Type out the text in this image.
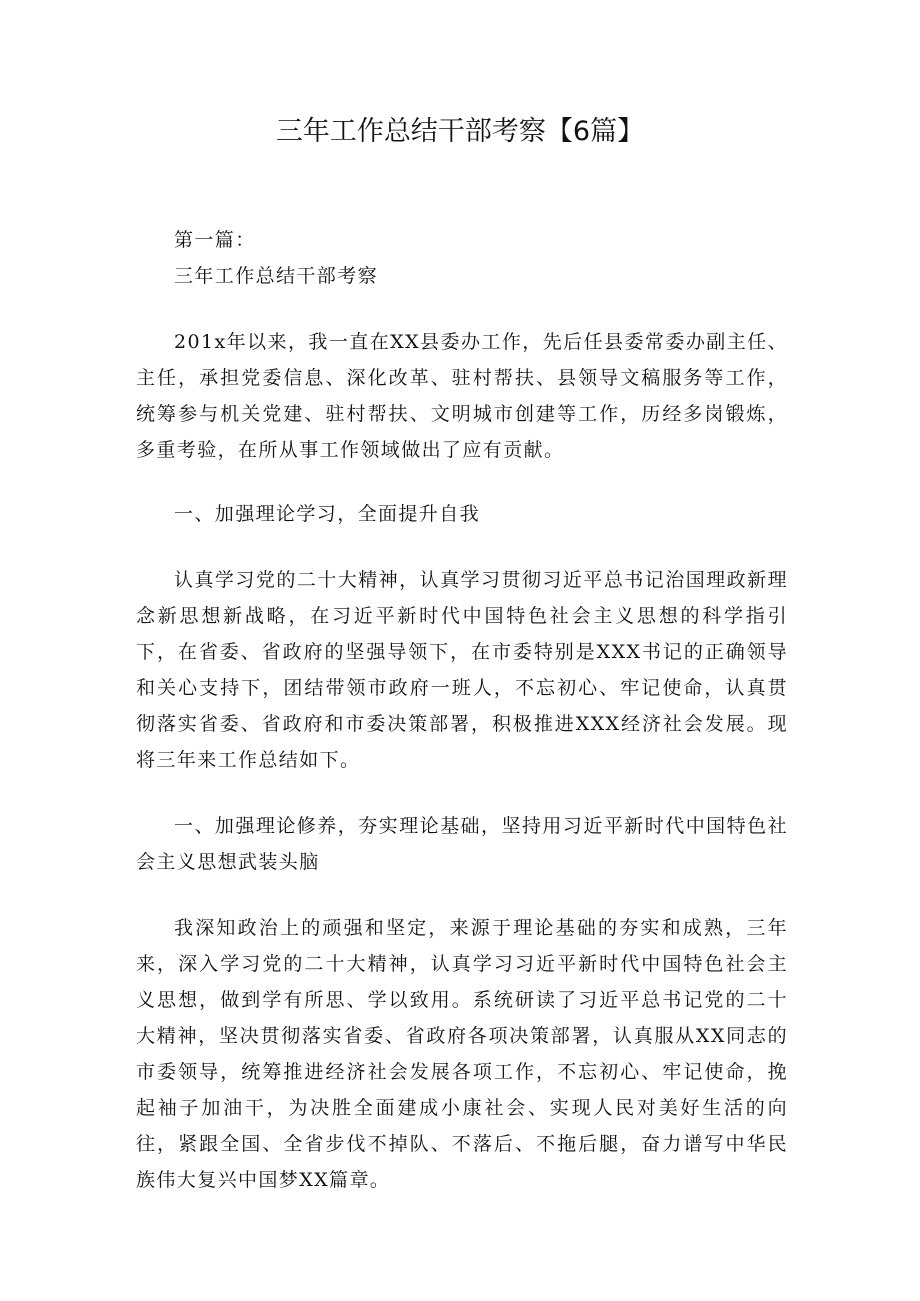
三年工作总结干部考察【6篇】

第一篇：

三年工作总结干部考察

201x年以来，我一直在XX县委办工作，先后任县委常委办副主任、主任，承担党委信息、深化改革、驻村帮扶、县领导文稿服务等工作，统筹参与机关党建、驻村帮扶、文明城市创建等工作，历经多岗锻炼，多重考验，在所从事工作领域做出了应有贡献。

一、加强理论学习，全面提升自我

认真学习党的二十大精神，认真学习贯彻习近平总书记治国理政新理念新思想新战略，在习近平新时代中国特色社会主义思想的科学指引下，在省委、省政府的坚强导领下，在市委特别是XXX书记的正确领导和关心支持下，团结带领市政府一班人，不忘初心、牢记使命，认真贯彻落实省委、省政府和市委决策部署，积极推进XXX经济社会发展。现将三年来工作总结如下。

一、加强理论修养，夯实理论基础，坚持用习近平新时代中国特色社会主义思想武装头脑

我深知政治上的顽强和坚定，来源于理论基础的夯实和成熟，三年来，深入学习党的二十大精神，认真学习习近平新时代中国特色社会主义思想，做到学有所思、学以致用。系统研读了习近平总书记党的二十大精神，坚决贯彻落实省委、省政府各项决策部署，认真服从XX同志的市委领导，统筹推进经济社会发展各项工作，不忘初心、牢记使命，挽起袖子加油干，为决胜全面建成小康社会、实现人民对美好生活的向往，紧跟全国、全省步伐不掉队、不落后、不拖后腿，奋力谱写中华民族伟大复兴中国梦XX篇章。
